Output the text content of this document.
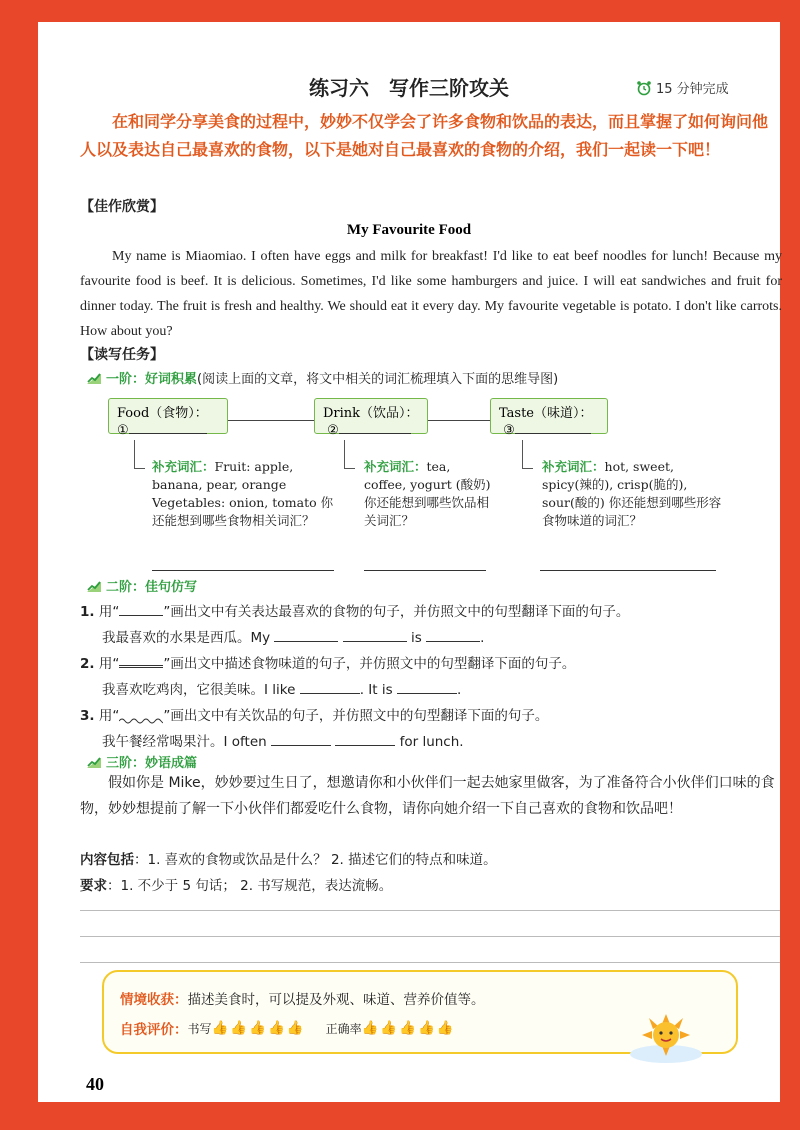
练习六　写作三阶攻关	15 分钟完成
在和同学分享美食的过程中，妙妙不仅学会了许多食物和饮品的表达，而且掌握了如何询问他人以及表达自己最喜欢的食物，以下是她对自己最喜欢的食物的介绍，我们一起读一下吧！
【佳作欣赏】
My Favourite Food
My name is Miaomiao. I often have eggs and milk for breakfast! I'd like to eat beef noodles for lunch! Because my favourite food is beef. It is delicious. Sometimes, I'd like some hamburgers and juice. I will eat sandwiches and fruit for dinner today. The fruit is fresh and healthy. We should eat it every day. My favourite vegetable is potato. I don't like carrots. How about you?
【读写任务】
一阶：好词积累 (阅读上面的文章，将文中相关的词汇梳理填入下面的思维导图)
Food（食物）：
①
Drink（饮品）：
②
Taste（味道）：
③
补充词汇：Fruit: apple, banana, pear, orange Vegetables: onion, tomato 你还能想到哪些食物相关词汇？
补充词汇：tea, coffee, yogurt (酸奶) 你还能想到哪些饮品相关词汇？
补充词汇：hot, sweet, spicy(辣的), crisp(脆的), sour(酸的) 你还能想到哪些形容食物味道的词汇？
二阶：佳句仿写
1. 用“	”画出文中有关表达最喜欢的食物的句子，并仿照文中的句型翻译下面的句子。
我最喜欢的水果是西瓜。My	is	.
2. 用“	”画出文中描述食物味道的句子，并仿照文中的句型翻译下面的句子。
我喜欢吃鸡肉，它很美味。I like	. It is	.
3. 用“	”画出文中有关饮品的句子，并仿照文中的句型翻译下面的句子。
我午餐经常喝果汁。I often	for lunch.
三阶：妙语成篇
假如你是 Mike，妙妙要过生日了，想邀请你和小伙伴们一起去她家里做客，为了准备符合小伙伴们口味的食物，妙妙想提前了解一下小伙伴们都爱吃什么食物，请你向她介绍一下自己喜欢的食物和饮品吧！
内容包括：1. 喜欢的食物或饮品是什么？ 2. 描述它们的特点和味道。
要求：1. 不少于 5 句话； 2. 书写规范，表达流畅。
情境收获：描述美食时，可以提及外观、味道、营养价值等。
自我评价： 书写 👍 👍 👍 👍 👍 正确率 👍 👍 👍 👍 👍
40
